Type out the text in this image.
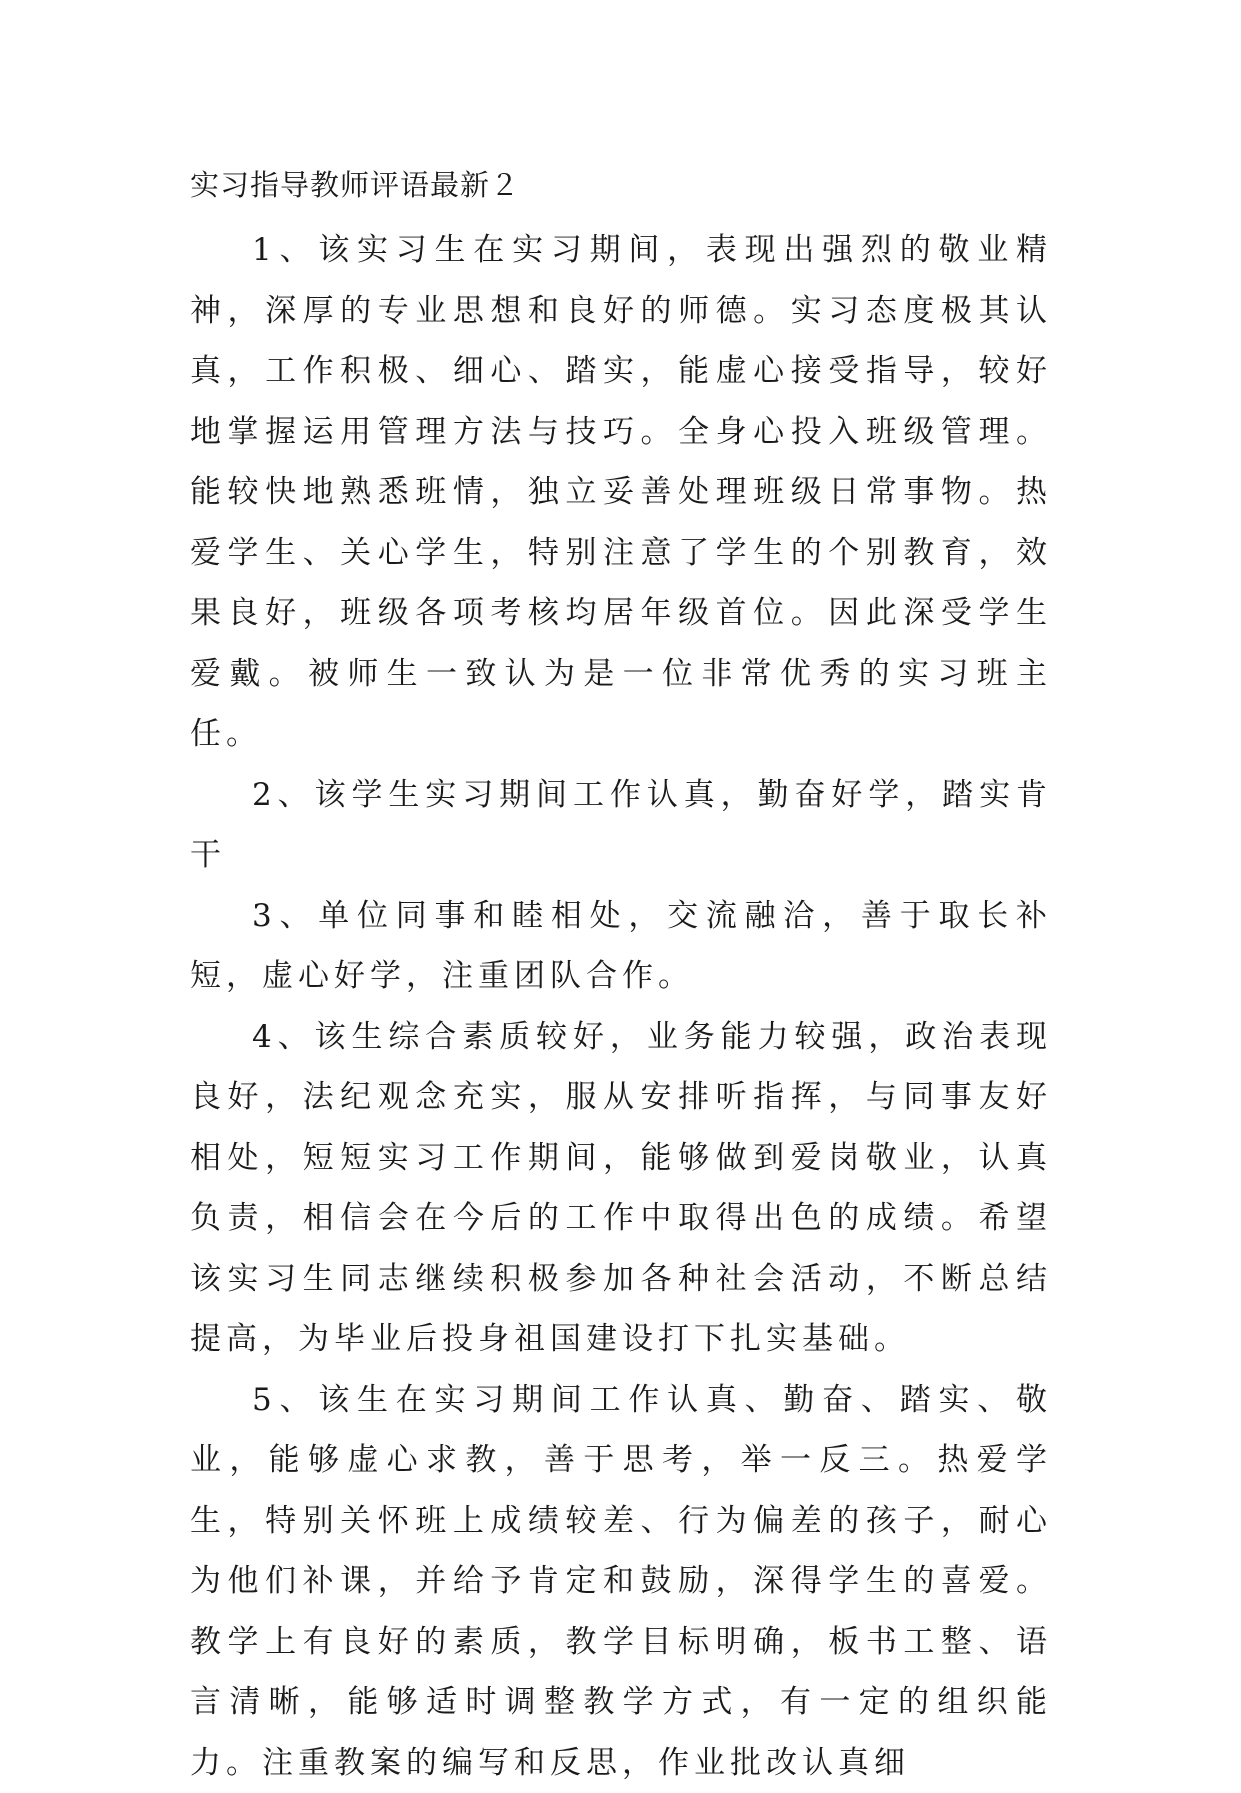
实习指导教师评语最新２

1、该实习生在实习期间，表现出强烈的敬业精神，深厚的专业思想和良好的师德。实习态度极其认真，工作积极、细心、踏实，能虚心接受指导，较好地掌握运用管理方法与技巧。全身心投入班级管理。能较快地熟悉班情，独立妥善处理班级日常事物。热爱学生、关心学生，特别注意了学生的个别教育，效果良好，班级各项考核均居年级首位。因此深受学生爱戴。被师生一致认为是一位非常优秀的实习班主任。

2、该学生实习期间工作认真，勤奋好学，踏实肯干

3、单位同事和睦相处，交流融洽，善于取长补短，虚心好学，注重团队合作。

4、该生综合素质较好，业务能力较强，政治表现良好，法纪观念充实，服从安排听指挥，与同事友好相处，短短实习工作期间，能够做到爱岗敬业，认真负责，相信会在今后的工作中取得出色的成绩。希望该实习生同志继续积极参加各种社会活动，不断总结提高，为毕业后投身祖国建设打下扎实基础。

5、该生在实习期间工作认真、勤奋、踏实、敬业，能够虚心求教，善于思考，举一反三。热爱学生，特别关怀班上成绩较差、行为偏差的孩子，耐心为他们补课，并给予肯定和鼓励，深得学生的喜爱。教学上有良好的素质，教学目标明确，板书工整、语言清晰，能够适时调整教学方式，有一定的组织能力。注重教案的编写和反思，作业批改认真细
